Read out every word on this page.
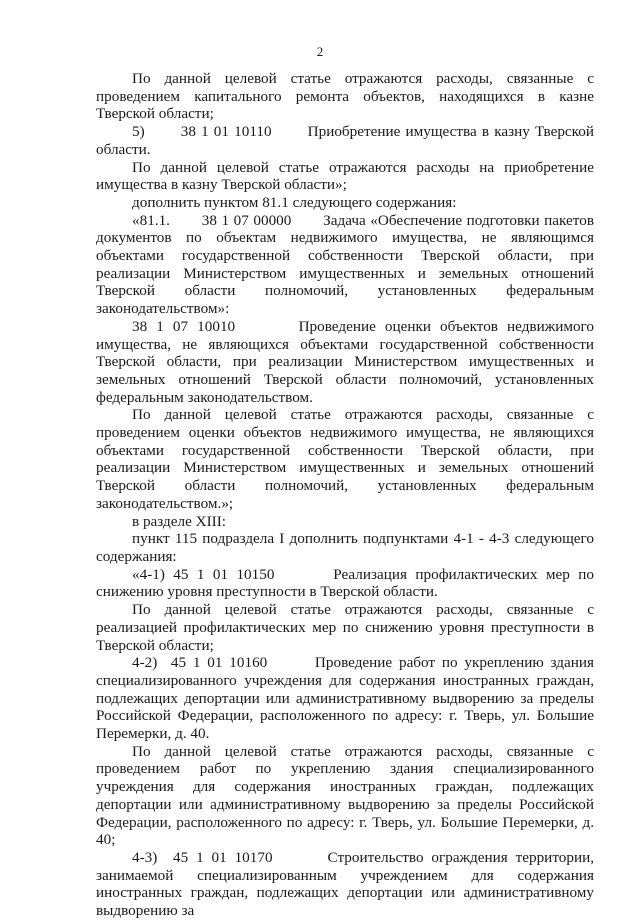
2

По данной целевой статье отражаются расходы, связанные с проведением капитального ремонта объектов, находящихся в казне Тверской области;

5)       38 1 01 10110       Приобретение имущества в казну Тверской области.

По данной целевой статье отражаются расходы на приобретение имущества в казну Тверской области»;

дополнить пунктом 81.1 следующего содержания:

«81.1.       38 1 07 00000       Задача «Обеспечение подготовки пакетов документов по объектам недвижимого имущества, не являющимся объектами государственной собственности Тверской области, при реализации Министерством имущественных и земельных отношений Тверской области полномочий, установленных федеральным законодательством»:

38 1 07 10010       Проведение оценки объектов недвижимого имущества, не являющихся объектами государственной собственности Тверской области, при реализации Министерством имущественных и земельных отношений Тверской области полномочий, установленных федеральным законодательством.

По данной целевой статье отражаются расходы, связанные с проведением оценки объектов недвижимого имущества, не являющихся объектами государственной собственности Тверской области, при реализации Министерством имущественных и земельных отношений Тверской области полномочий, установленных федеральным законодательством.»;

в разделе XIII:

пункт 115 подраздела I дополнить подпунктами 4-1 - 4-3 следующего содержания:

«4-1) 45 1 01 10150       Реализация профилактических мер по снижению уровня преступности в Тверской области.

По данной целевой статье отражаются расходы, связанные с реализацией профилактических мер по снижению уровня преступности в Тверской области;

4-2)  45 1 01 10160       Проведение работ по укреплению здания специализированного учреждения для содержания иностранных граждан, подлежащих депортации или административному выдворению за пределы Российской Федерации, расположенного по адресу: г. Тверь, ул. Большие Перемерки, д. 40.

По данной целевой статье отражаются расходы, связанные с проведением работ по укреплению здания специализированного учреждения для содержания иностранных граждан, подлежащих депортации или административному выдворению за пределы Российской Федерации, расположенного по адресу: г. Тверь, ул. Большие Перемерки, д. 40;

4-3)  45 1 01 10170       Строительство ограждения территории, занимаемой специализированным учреждением для содержания иностранных граждан, подлежащих депортации или административному выдворению за
